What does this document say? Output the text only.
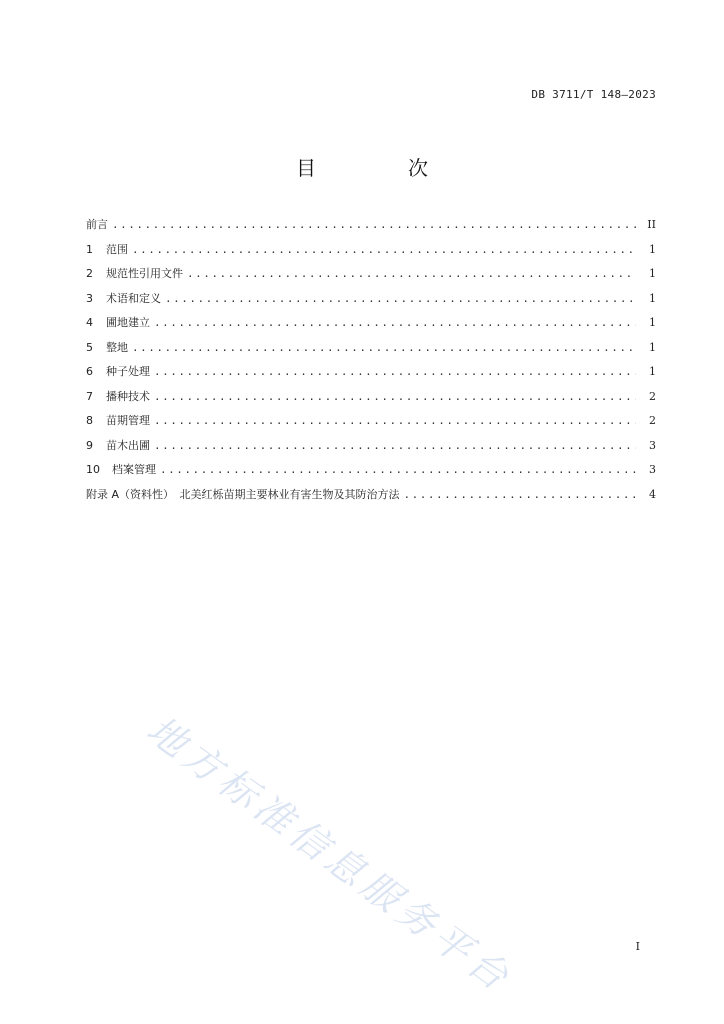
DB 3711/T 148—2023
目　次
前言 .....	II
1	范围 .....	1
2	规范性引用文件 .....	1
3	术语和定义 .....	1
4	圃地建立 .....	1
5	整地 .....	1
6	种子处理 .....	1
7	播种技术 .....	2
8	苗期管理 .....	2
9	苗木出圃 .....	3
10	档案管理 .....	3
附录 A（资料性）　北美红栎苗期主要林业有害生物及其防治方法 .....	4
地方标准信息服务平台	I
